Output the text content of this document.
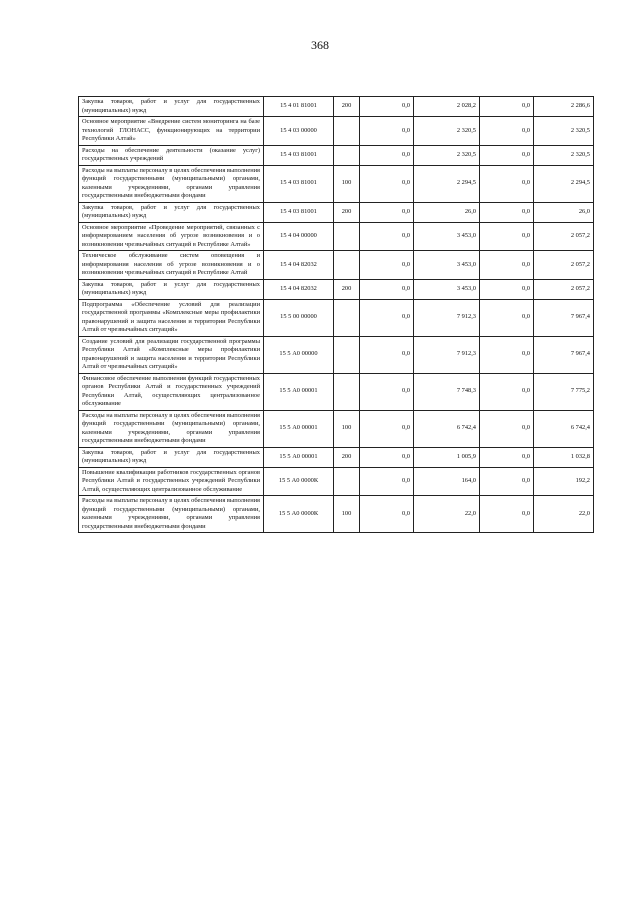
368
Закупка товаров, работ и услуг для государственных (муниципальных) нужд	15 4 01 81001	200	0,0	2 028,2	0,0	2 286,6
Основное мероприятие «Внедрение систем мониторинга на базе технологий ГЛОНАСС, функционирующих на территории Республики Алтай»	15 4 03 00000		0,0	2 320,5	0,0	2 320,5
Расходы на обеспечение деятельности (оказание услуг) государственных учреждений	15 4 03 81001		0,0	2 320,5	0,0	2 320,5
Расходы на выплаты персоналу в целях обеспечения выполнения функций государственными (муниципальными) органами, казенными учреждениями, органами управления государственными внебюджетными фондами	15 4 03 81001	100	0,0	2 294,5	0,0	2 294,5
Закупка товаров, работ и услуг для государственных (муниципальных) нужд	15 4 03 81001	200	0,0	26,0	0,0	26,0
Основное мероприятие «Проведение мероприятий, связанных с информированием населения об угрозе возникновения и о возникновении чрезвычайных ситуаций в Республике Алтай»	15 4 04 00000		0,0	3 453,0	0,0	2 057,2
Техническое обслуживание систем оповещения и информирования населения об угрозе возникновения и о возникновении чрезвычайных ситуаций в Республике Алтай	15 4 04 82032		0,0	3 453,0	0,0	2 057,2
Закупка товаров, работ и услуг для государственных (муниципальных) нужд	15 4 04 82032	200	0,0	3 453,0	0,0	2 057,2
Подпрограмма «Обеспечение условий для реализации государственной программы «Комплексные меры профилактики правонарушений и защита населения и территории Республики Алтай от чрезвычайных ситуаций»	15 5 00 00000		0,0	7 912,3	0,0	7 967,4
Создание условий для реализации государственной программы Республики Алтай «Комплексные меры профилактики правонарушений и защита населения и территории Республики Алтай от чрезвычайных ситуаций»	15 5 А0 00000		0,0	7 912,3	0,0	7 967,4
Финансовое обеспечение выполнения функций государственных органов Республики Алтай и государственных учреждений Республики Алтай, осуществляющих централизованное обслуживание	15 5 А0 00001		0,0	7 748,3	0,0	7 775,2
Расходы на выплаты персоналу в целях обеспечения выполнения функций государственными (муниципальными) органами, казенными учреждениями, органами управления государственными внебюджетными фондами	15 5 А0 00001	100	0,0	6 742,4	0,0	6 742,4
Закупка товаров, работ и услуг для государственных (муниципальных) нужд	15 5 А0 00001	200	0,0	1 005,9	0,0	1 032,8
Повышение квалификации работников государственных органов Республики Алтай и государственных учреждений Республики Алтай, осуществляющих централизованное обслуживание	15 5 А0 0000К		0,0	164,0	0,0	192,2
Расходы на выплаты персоналу в целях обеспечения выполнения функций государственными (муниципальными) органами, казенными учреждениями, органами управления государственными внебюджетными фондами	15 5 А0 0000К	100	0,0	22,0	0,0	22,0
